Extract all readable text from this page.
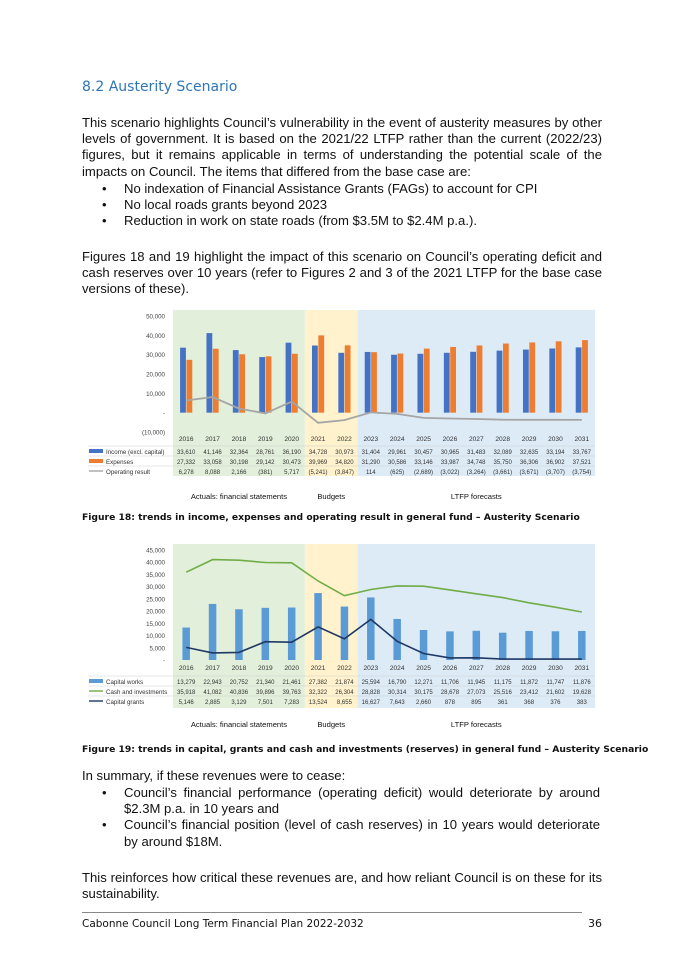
8.2 Austerity Scenario
This scenario highlights Council’s vulnerability in the event of austerity measures by other levels of government. It is based on the 2021/22 LTFP rather than the current (2022/23) figures, but it remains applicable in terms of understanding the potential scale of the impacts on Council. The items that differed from the base case are:
• No indexation of Financial Assistance Grants (FAGs) to account for CPI
• No local roads grants beyond 2023
• Reduction in work on state roads (from $3.5M to $2.4M p.a.).
Figures 18 and 19 highlight the impact of this scenario on Council’s operating deficit and cash reserves over 10 years (refer to Figures 2 and 3 of the 2021 LTFP for the base case versions of these).
50,000
40,000
30,000
20,000
10,000
-
(10,000)
2016 2017 2018 2019 2020 2021 2022 2023 2024 2025 2026 2027 2028 2029 2030 2031
Income (excl. capital) 33,610 41,146 32,364 28,761 36,190 34,728 30,973 31,404 29,961 30,457 30,965 31,483 32,089 32,635 33,194 33,767
Expenses	27,332 33,058 30,198 29,142 30,473 39,969 34,820 31,290 30,586 33,146 33,987 34,748 35,750 36,306 36,902 37,521
Operating result	6,278 8,088 2,166 (381) 5,717 (5,241) (3,847) 114 (625) (2,689) (3,022) (3,264) (3,661) (3,671) (3,707) (3,754)
Actuals: financial statements	Budgets	LTFP forecasts
Figure 18: trends in income, expenses and operating result in general fund – Austerity Scenario
45,000
40,000
35,000
30,000
25,000
20,000
15,000
10,000
5,000
-
2016 2017 2018 2019 2020 2021 2022 2023 2024 2025 2026 2027 2028 2029 2030 2031
Capital works	13,279 22,943 20,752 21,340 21,461 27,382 21,874 25,594 16,790 12,271 11,706 11,945 11,175 11,872 11,747 11,876
Cash and investments 35,918 41,082 40,836 39,896 39,763 32,322 26,304 28,828 30,314 30,175 28,678 27,073 25,516 23,412 21,602 19,628
Capital grants	5,146 2,885 3,129 7,501 7,283 13,524 8,655 16,627 7,643 2,660 878	895	361	368	376	383
Actuals: financial statements	Budgets	LTFP forecasts
Figure 19: trends in capital, grants and cash and investments (reserves) in general fund – Austerity Scenario
In summary, if these revenues were to cease:
• Council’s financial performance (operating deficit) would deteriorate by around $2.3M p.a. in 10 years and
• Council’s financial position (level of cash reserves) in 10 years would deteriorate by around $18M.
This reinforces how critical these revenues are, and how reliant Council is on these for its sustainability.
Cabonne Council Long Term Financial Plan 2022-2032	36
